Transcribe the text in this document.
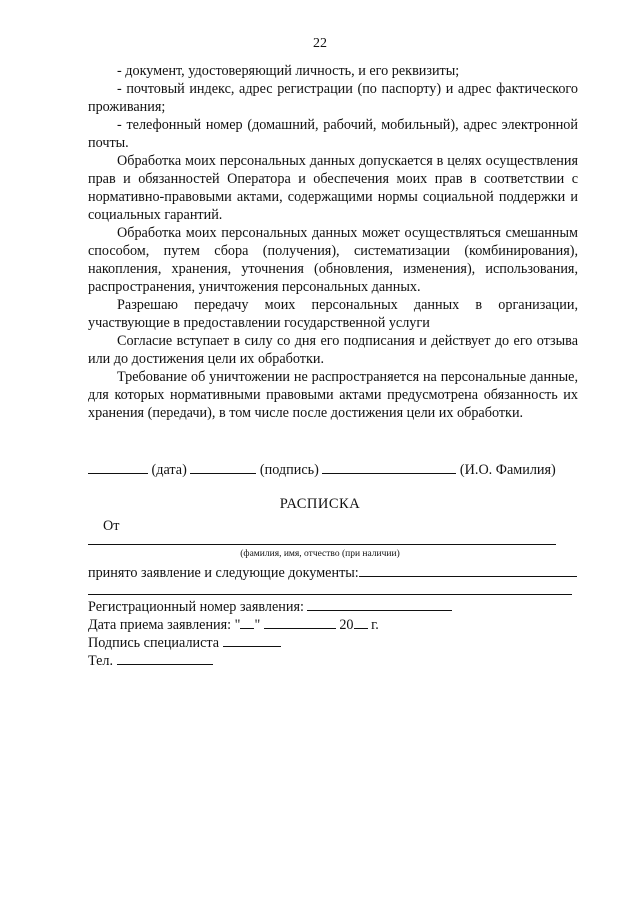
22

- документ, удостоверяющий личность, и его реквизиты;

- почтовый индекс, адрес регистрации (по паспорту) и адрес фактического проживания;

- телефонный номер (домашний, рабочий, мобильный), адрес электронной почты.

Обработка моих персональных данных допускается в целях осуществления прав и обязанностей Оператора и обеспечения моих прав в соответствии с нормативно-правовыми актами, содержащими нормы социальной поддержки и социальных гарантий.

Обработка моих персональных данных может осуществляться смешанным способом, путем сбора (получения), систематизации (комбинирования), накопления, хранения, уточнения (обновления, изменения), использования, распространения, уничтожения персональных данных.

Разрешаю передачу моих персональных данных в организации, участвующие в предоставлении государственной услуги

Согласие вступает в силу со дня его подписания и действует до его отзыва или до достижения цели их обработки.

Требование об уничтожении не распространяется на персональные данные, для которых нормативными правовыми актами предусмотрена обязанность их хранения (передачи), в том числе после достижения цели их обработки.

(дата)	(подпись)	(И.О. Фамилия)
РАСПИСКА
От
(фамилия, имя, отчество (при наличии)
принято заявление и следующие документы:
Регистрационный номер заявления:
Дата приема заявления: " "	20 г.
Подпись специалиста
Тел.
